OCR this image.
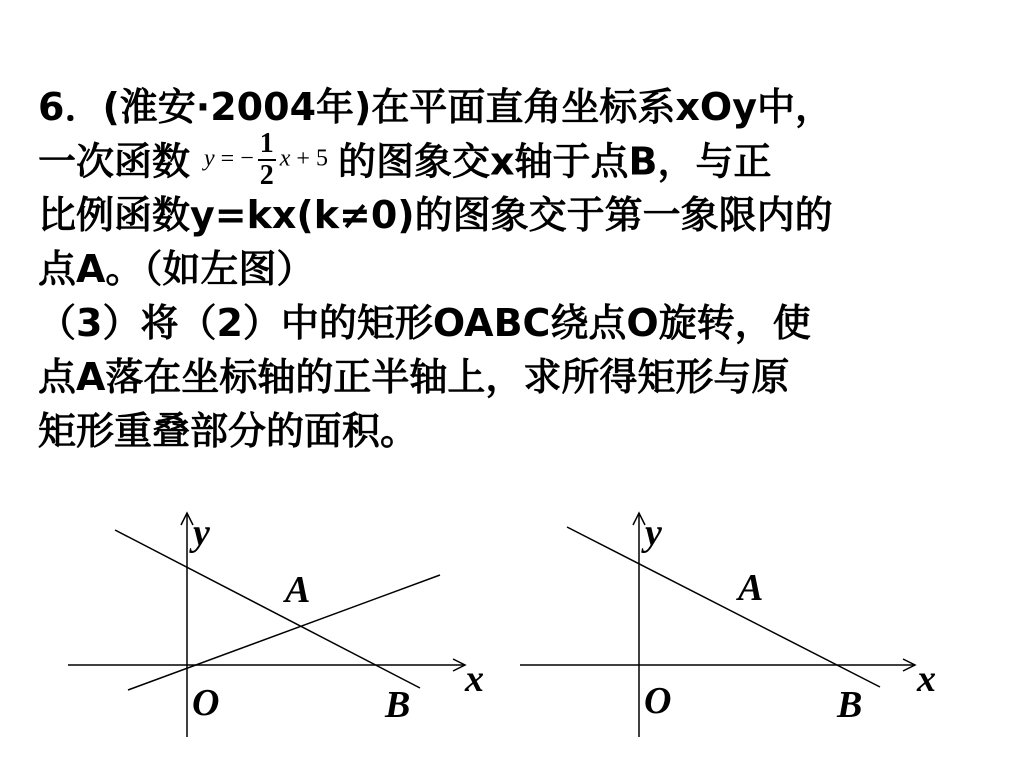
6．(淮安·2004年)在平面直角坐标系xOy中，
一次函数 y = − $\frac{1}{2}$ x + 5 的图象交x轴于点B，与正
比例函数y=kx(k≠0)的图象交于第一象限内的
点A。（如左图）
（3）将（2）中的矩形OABC绕点O旋转，使
点A落在坐标轴的正半轴上，求所得矩形与原
矩形重叠部分的面积。
y
x
O
A
B
y
x
O
A
B
